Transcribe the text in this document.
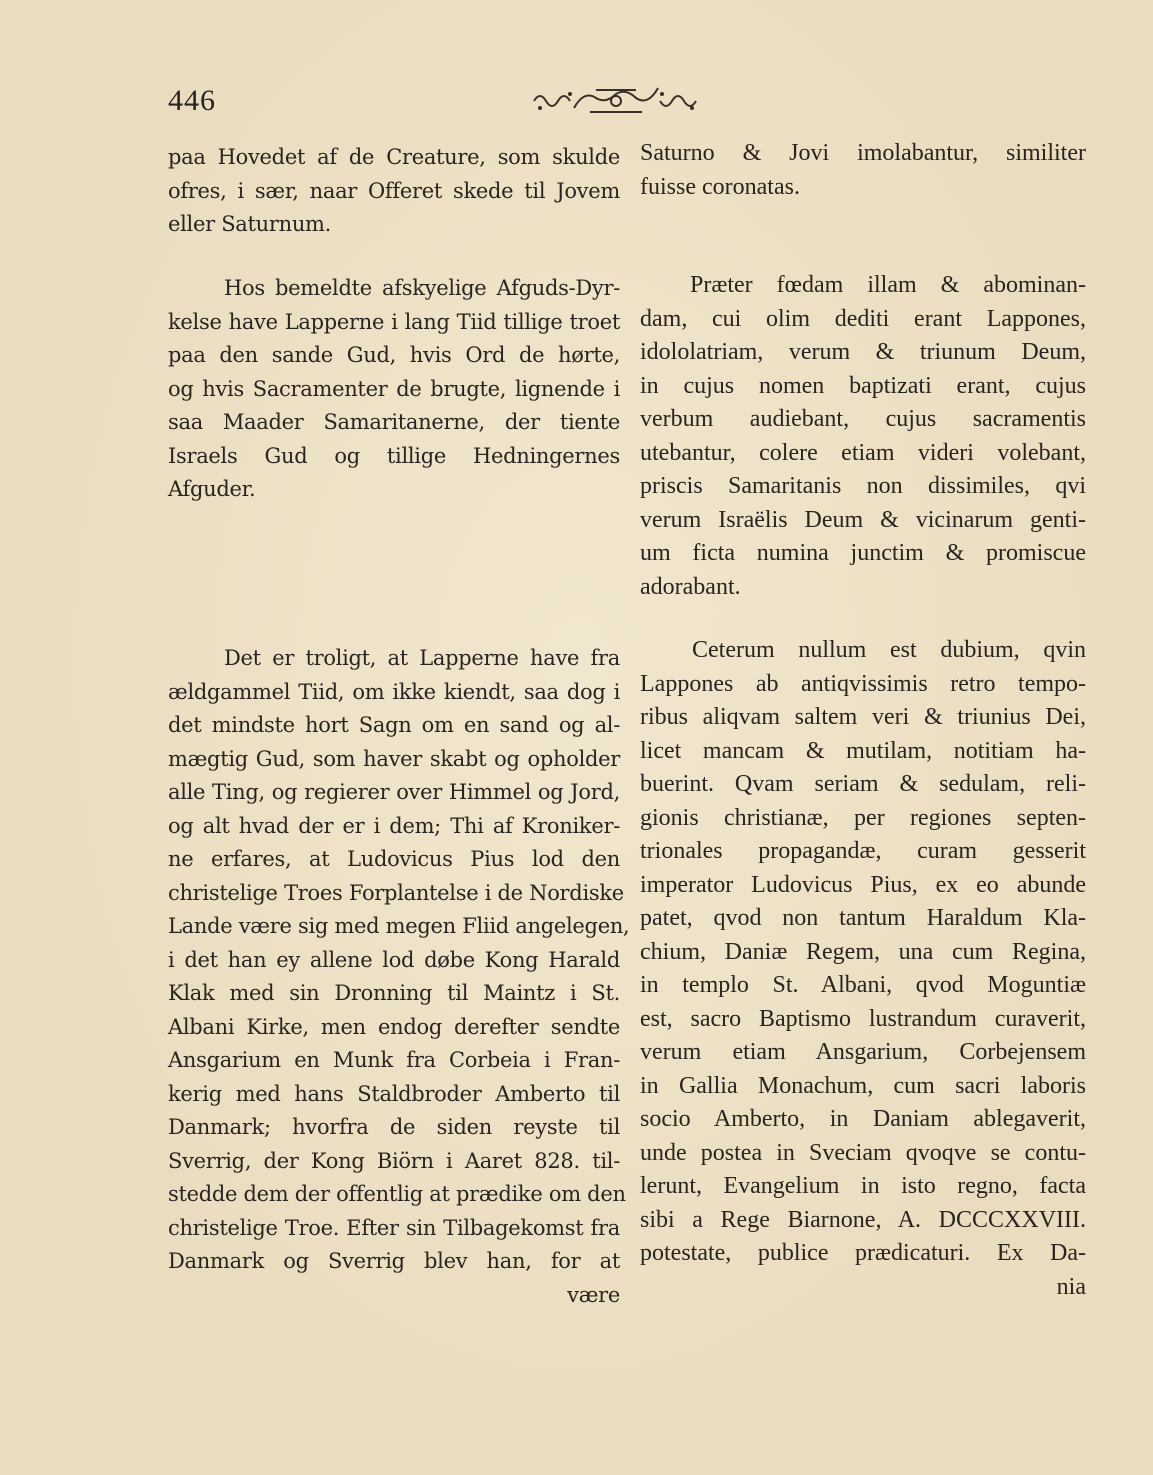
446
paa Hovedet af de Creature, som skulde
ofres, i sær, naar Offeret skede til Jovem
eller Saturnum.
Hos bemeldte afskyelige Afguds-Dyr-
kelse have Lapperne i lang Tiid tillige troet
paa den sande Gud, hvis Ord de hørte,
og hvis Sacramenter de brugte, lignende i
saa Maader Samaritanerne, der tiente
Israels Gud og tillige Hedningernes
Afguder.
Det er troligt, at Lapperne have fra
ældgammel Tiid, om ikke kiendt, saa dog i
det mindste hort Sagn om en sand og al-
mægtig Gud, som haver skabt og opholder
alle Ting, og regierer over Himmel og Jord,
og alt hvad der er i dem; Thi af Kroniker-
ne erfares, at Ludovicus Pius lod den
christelige Troes Forplantelse i de Nordiske
Lande være sig med megen Fliid angelegen,
i det han ey allene lod døbe Kong Harald
Klak med sin Dronning til Maintz i St.
Albani Kirke, men endog derefter sendte
Ansgarium en Munk fra Corbeia i Fran-
kerig med hans Staldbroder Amberto til
Danmark; hvorfra de siden reyste til
Sverrig, der Kong Biörn i Aaret 828. til-
stedde dem der offentlig at prædike om den
christelige Troe. Efter sin Tilbagekomst fra
Danmark og Sverrig blev han, for at
være
Saturno & Jovi imolabantur, similiter
fuisse coronatas.
Præter fœdam illam & abominan-
dam, cui olim dediti erant Lappones,
idololatriam, verum & triunum Deum,
in cujus nomen baptizati erant, cujus
verbum audiebant, cujus sacramentis
utebantur, colere etiam videri volebant,
priscis Samaritanis non dissimiles, qvi
verum Israëlis Deum & vicinarum genti-
um ficta numina junctim & promiscue
adorabant.
Ceterum nullum est dubium, qvin
Lappones ab antiqvissimis retro tempo-
ribus aliqvam saltem veri & triunius Dei,
licet mancam & mutilam, notitiam ha-
buerint. Qvam seriam & sedulam, reli-
gionis christianæ, per regiones septen-
trionales propagandæ, curam gesserit
imperator Ludovicus Pius, ex eo abunde
patet, qvod non tantum Haraldum Kla-
chium, Daniæ Regem, una cum Regina,
in templo St. Albani, qvod Moguntiæ
est, sacro Baptismo lustrandum curaverit,
verum etiam Ansgarium, Corbejensem
in Gallia Monachum, cum sacri laboris
socio Amberto, in Daniam ablegaverit,
unde postea in Sveciam qvoqve se contu-
lerunt, Evangelium in isto regno, facta
sibi a Rege Biarnone, A. DCCCXXVIII.
potestate, publice prædicaturi. Ex Da-
nia
